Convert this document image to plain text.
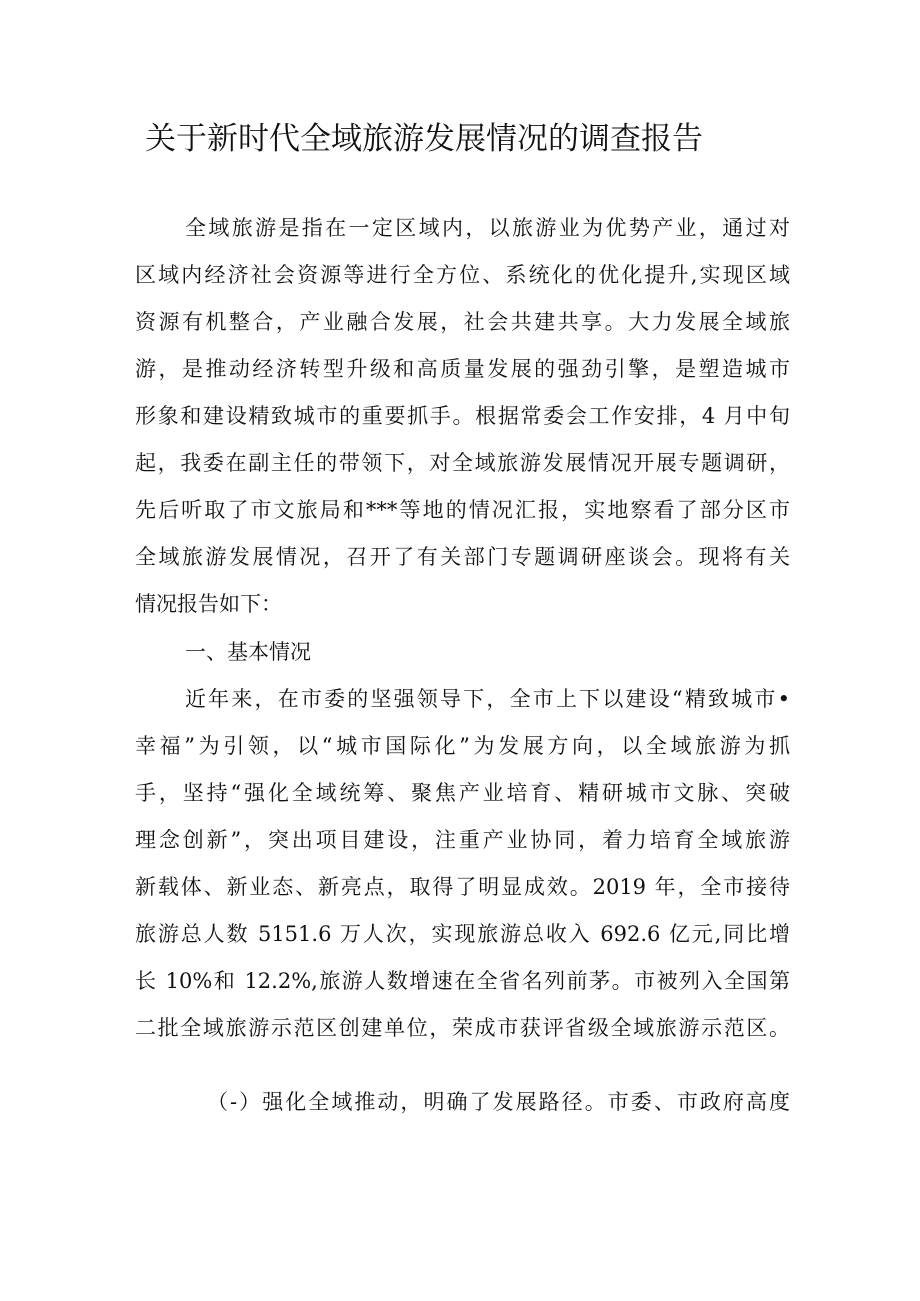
关于新时代全域旅游发展情况的调查报告
全域旅游是指在一定区域内，以旅游业为优势产业，通过对
区域内经济社会资源等进行全方位、系统化的优化提升,实现区域
资源有机整合，产业融合发展，社会共建共享。大力发展全域旅
游，是推动经济转型升级和高质量发展的强劲引擎，是塑造城市
形象和建设精致城市的重要抓手。根据常委会工作安排，4 月中旬
起，我委在副主任的带领下，对全域旅游发展情况开展专题调研，
先后听取了市文旅局和***等地的情况汇报，实地察看了部分区市
全域旅游发展情况，召开了有关部门专题调研座谈会。现将有关
情况报告如下：
一、基本情况
近年来，在市委的坚强领导下，全市上下以建设“精致城市•
幸福”为引领，以“城市国际化”为发展方向，以全域旅游为抓
手，坚持“强化全域统筹、聚焦产业培育、精研城市文脉、突破
理念创新”，突出项目建设，注重产业协同，着力培育全域旅游
新载体、新业态、新亮点，取得了明显成效。2019 年，全市接待
旅游总人数 5151.6 万人次，实现旅游总收入 692.6 亿元,同比增
长 10%和 12.2%,旅游人数增速在全省名列前茅。市被列入全国第
二批全域旅游示范区创建单位，荣成市获评省级全域旅游示范区。
（-）强化全域推动，明确了发展路径。市委、市政府高度
